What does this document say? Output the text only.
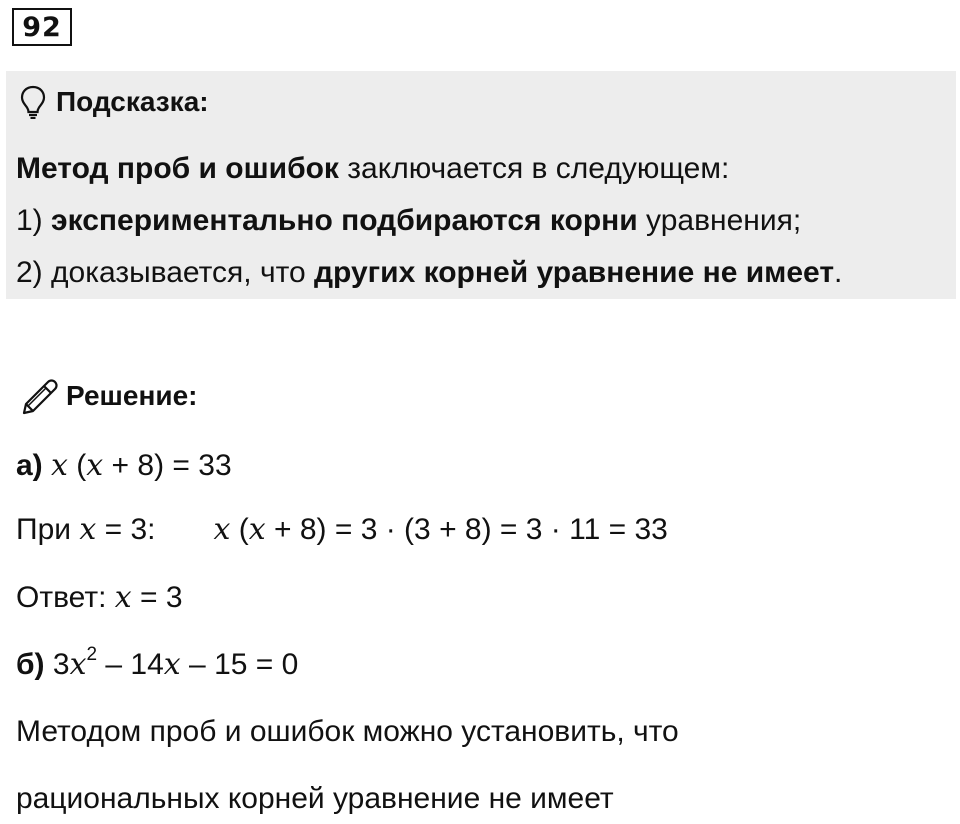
92
Подсказка:
Метод проб и ошибок заключается в следующем:
1) экспериментально подбираются корни уравнения;
2) доказывается, что других корней уравнение не имеет.
Решение:
а) x (x + 8) = 33
При x = 3: x (x + 8) = 3 · (3 + 8) = 3 · 11 = 33
Ответ: x = 3
б) $3x^2 - 14x - 15 = 0$
Методом проб и ошибок можно установить, что
рациональных корней уравнение не имеет
